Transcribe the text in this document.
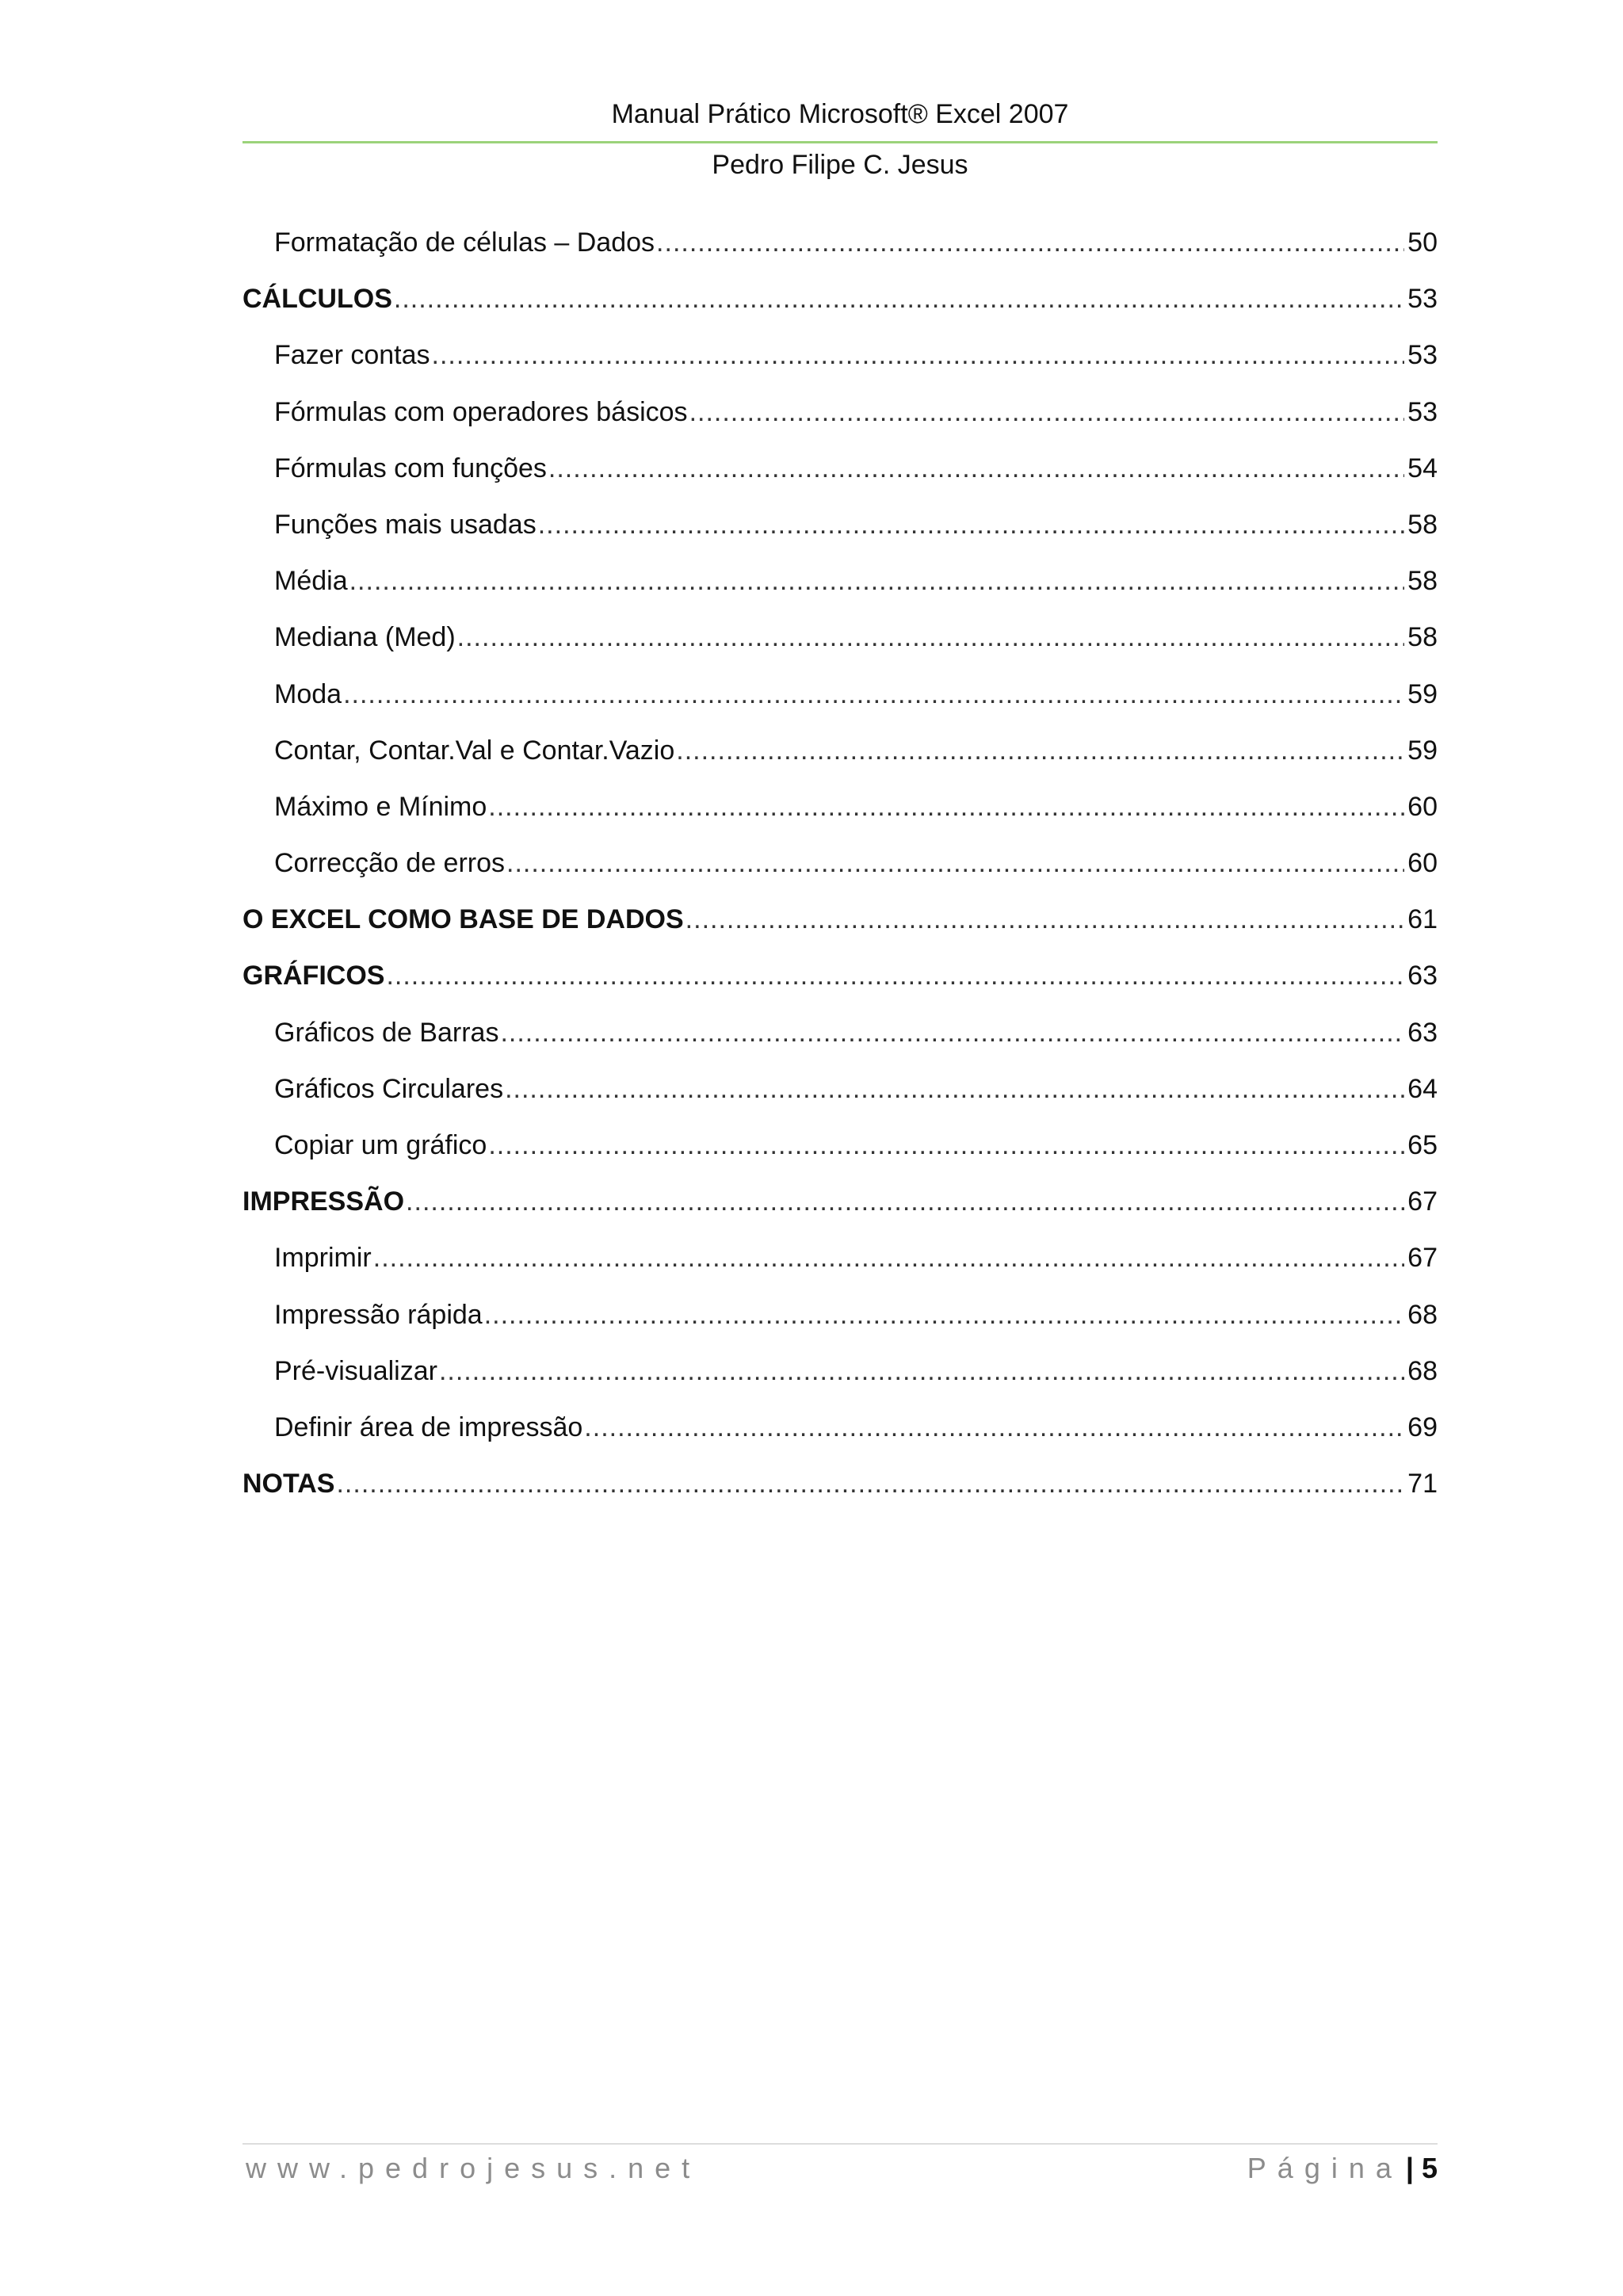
Manual Prático Microsoft® Excel 2007
Pedro Filipe C. Jesus
Formatação de células – Dados .....	50
CÁLCULOS .....	53
Fazer contas .....	53
Fórmulas com operadores básicos .....	53
Fórmulas com funções .....	54
Funções mais usadas .....	58
Média .....	58
Mediana (Med) .....	58
Moda .....	59
Contar, Contar.Val e Contar.Vazio .....	59
Máximo e Mínimo .....	60
Correcção de erros .....	60
O EXCEL COMO BASE DE DADOS .....	61
GRÁFICOS .....	63
Gráficos de Barras .....	63
Gráficos Circulares .....	64
Copiar um gráfico .....	65
IMPRESSÃO .....	67
Imprimir .....	67
Impressão rápida .....	68
Pré-visualizar .....	68
Definir área de impressão .....	69
NOTAS .....	71
www.pedrojesus.net	Página | 5
